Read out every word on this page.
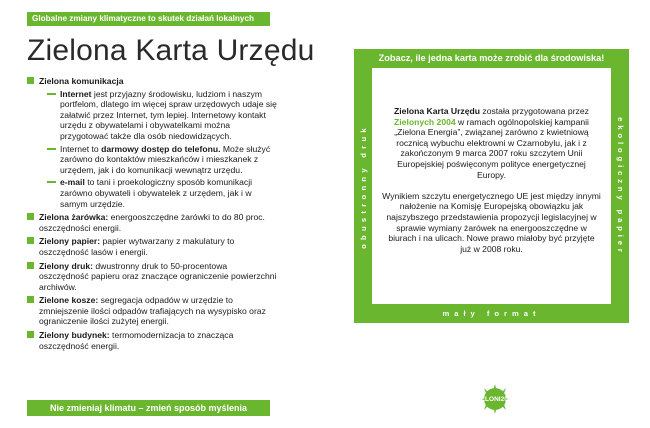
Globalne zmiany klimatyczne to skutek działań lokalnych
Zielona Karta Urzędu
Zielona komunikacja
Internet jest przyjazny środowisku, ludziom i naszym portfelom, dlatego im więcej spraw urzędowych udaje się załatwić przez Internet, tym lepiej. Internetowy kontakt urzędu z obywatelami i obywatelkami można przygotować także dla osób niedowidzących.
Internet to darmowy dostęp do telefonu. Może służyć zarówno do kontaktów mieszkańców i mieszkanek z urzędem, jak i do komunikacji wewnątrz urzędu.
e-mail to tani i proekologiczny sposób komunikacji zarówno obywateli i obywatelek z urzędem, jak i w samym urzędzie.
Zielona żarówka: energooszczędne żarówki to do 80 proc. oszczędności energii.
Zielony papier: papier wytwarzany z makulatury to oszczędność lasów i energii.
Zielony druk: dwustronny druk to 50-procentowa oszczędność papieru oraz znaczące ograniczenie powierzchni archiwów.
Zielone kosze: segregacja odpadów w urzędzie to zmniejszenie ilości odpadów trafiających na wysypisko oraz ograniczenie ilości zużytej energii.
Zielony budynek: termomodernizacja to znacząca oszczędność energii.
Nie zmieniaj klimatu – zmień sposób myślenia
Zobacz, ile jedna karta może zrobić dla środowiska!
obustronny druk

Zielona Karta Urzędu została przygotowana przez Zielonych 2004 w ramach ogólnopolskiej kampanii „Zielona Energia”, związanej zarówno z kwietniową rocznicą wybuchu elektrowni w Czarnobylu, jak i z zakończonym 9 marca 2007 roku szczytem Unii Europejskiej poświęconym polityce energetycznej Europy.

Wynikiem szczytu energetycznego UE jest między innymi nałożenie na Komisję Europejską obowiązku jak najszybszego przedstawienia propozycji legislacyjnej w sprawie wymiany żarówek na energooszczędne w biurach i na ulicach. Nowe prawo miałoby być przyjęte już w 2008 roku.	ekologiczny papier
mały format
ZIELONI2004
